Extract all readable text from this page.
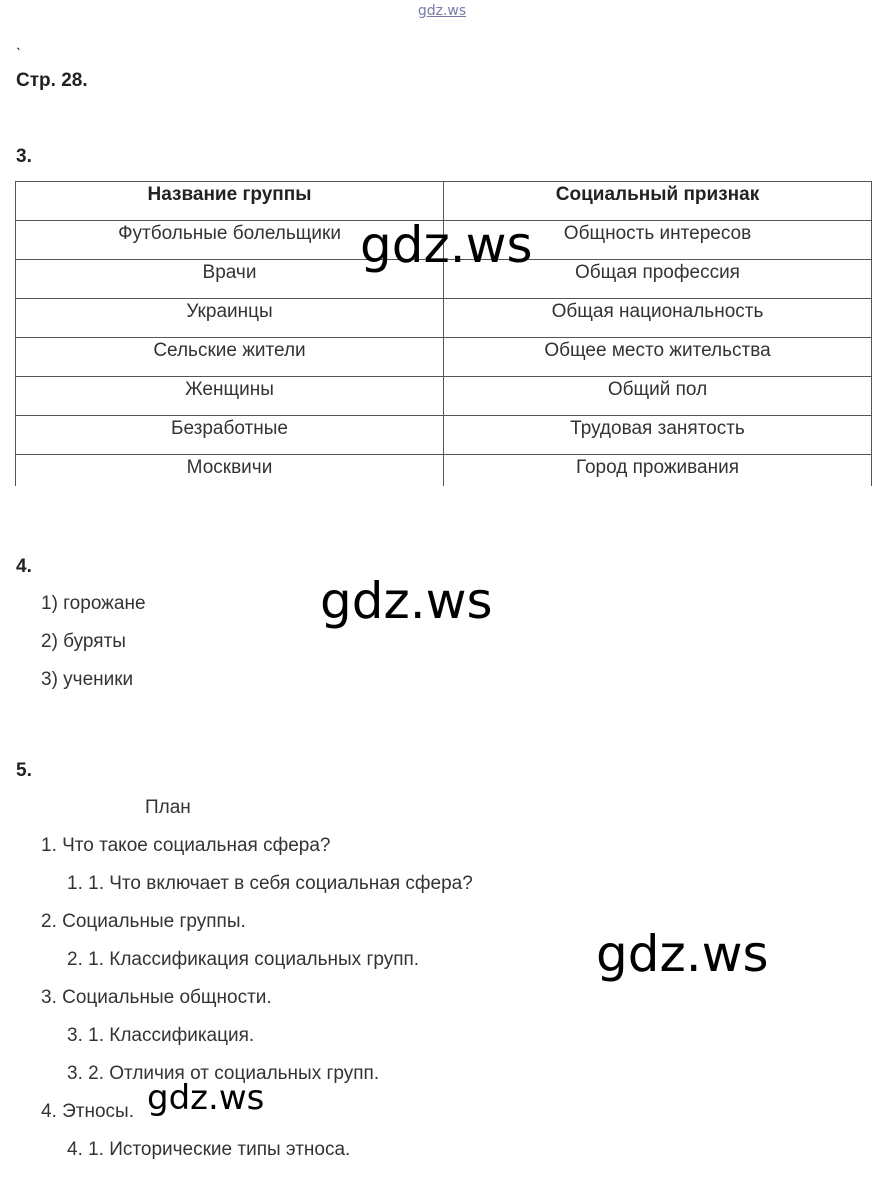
gdz.ws
ˎ
Стр. 28.
3.
Название группы	Социальный признак
Футбольные болельщики	Общность интересов
Врачи	Общая профессия
Украинцы	Общая национальность
Сельские жители	Общее место жительства
Женщины	Общий пол
Безработные	Трудовая занятость
Москвичи	Город проживания
gdz.ws
4.
1) горожане
2) буряты
3) ученики
gdz.ws
5.
План
1. Что такое социальная сфера?
1. 1. Что включает в себя социальная сфера?
2. Социальные группы.
2. 1. Классификация социальных групп.
3. Социальные общности.
3. 1. Классификация.
3. 2. Отличия от социальных групп.
4. Этносы.
4. 1. Исторические типы этноса.
gdz.ws
gdz.ws
